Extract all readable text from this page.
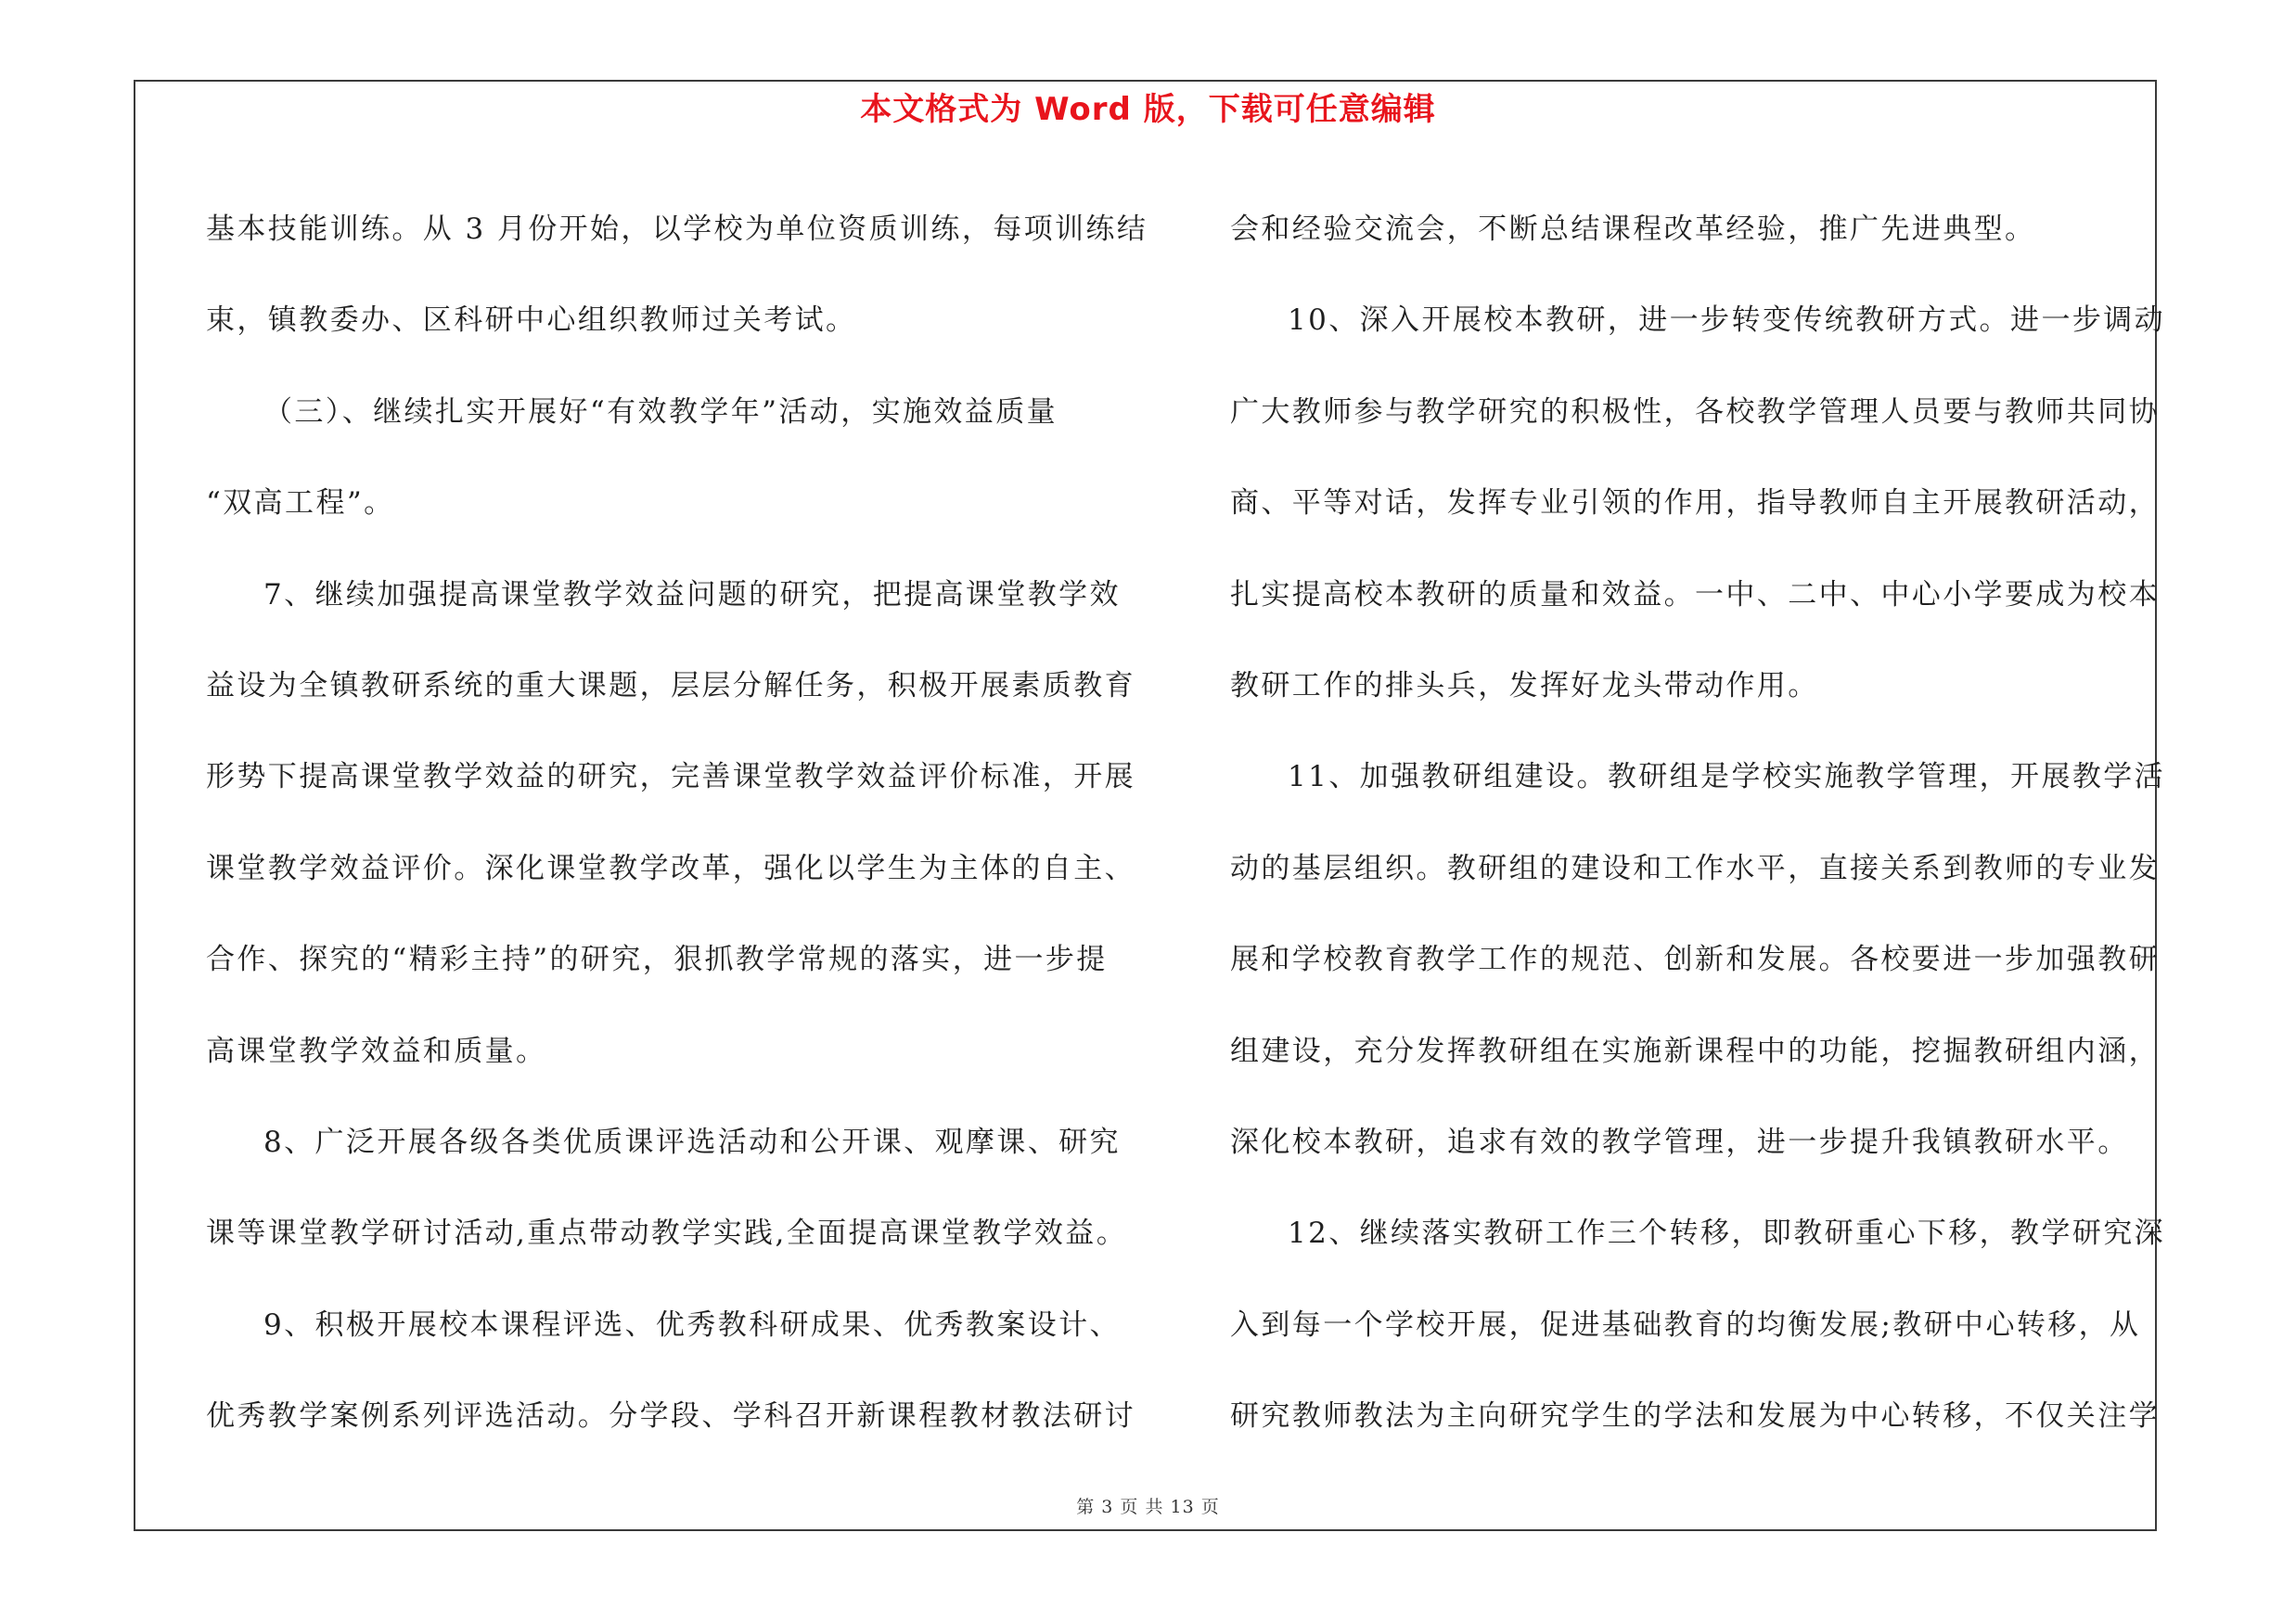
本文格式为 Word 版，下载可任意编辑

基本技能训练。从 3 月份开始，以学校为单位资质训练，每项训练结

束，镇教委办、区科研中心组织教师过关考试。

（三）、继续扎实开展好“有效教学年”活动，实施效益质量

“双高工程”。

7、继续加强提高课堂教学效益问题的研究，把提高课堂教学效

益设为全镇教研系统的重大课题，层层分解任务，积极开展素质教育

形势下提高课堂教学效益的研究，完善课堂教学效益评价标准，开展

课堂教学效益评价。深化课堂教学改革，强化以学生为主体的自主、

合作、探究的“精彩主持”的研究，狠抓教学常规的落实，进一步提

高课堂教学效益和质量。

8、广泛开展各级各类优质课评选活动和公开课、观摩课、研究

课等课堂教学研讨活动,重点带动教学实践,全面提高课堂教学效益。

9、积极开展校本课程评选、优秀教科研成果、优秀教案设计、

优秀教学案例系列评选活动。分学段、学科召开新课程教材教法研讨

会和经验交流会，不断总结课程改革经验，推广先进典型。

10、深入开展校本教研，进一步转变传统教研方式。进一步调动

广大教师参与教学研究的积极性，各校教学管理人员要与教师共同协

商、平等对话，发挥专业引领的作用，指导教师自主开展教研活动，

扎实提高校本教研的质量和效益。一中、二中、中心小学要成为校本

教研工作的排头兵，发挥好龙头带动作用。

11、加强教研组建设。教研组是学校实施教学管理，开展教学活

动的基层组织。教研组的建设和工作水平，直接关系到教师的专业发

展和学校教育教学工作的规范、创新和发展。各校要进一步加强教研

组建设，充分发挥教研组在实施新课程中的功能，挖掘教研组内涵，

深化校本教研，追求有效的教学管理，进一步提升我镇教研水平。

12、继续落实教研工作三个转移，即教研重心下移，教学研究深

入到每一个学校开展，促进基础教育的均衡发展;教研中心转移，从

研究教师教法为主向研究学生的学法和发展为中心转移，不仅关注学

第 3 页 共 13 页
